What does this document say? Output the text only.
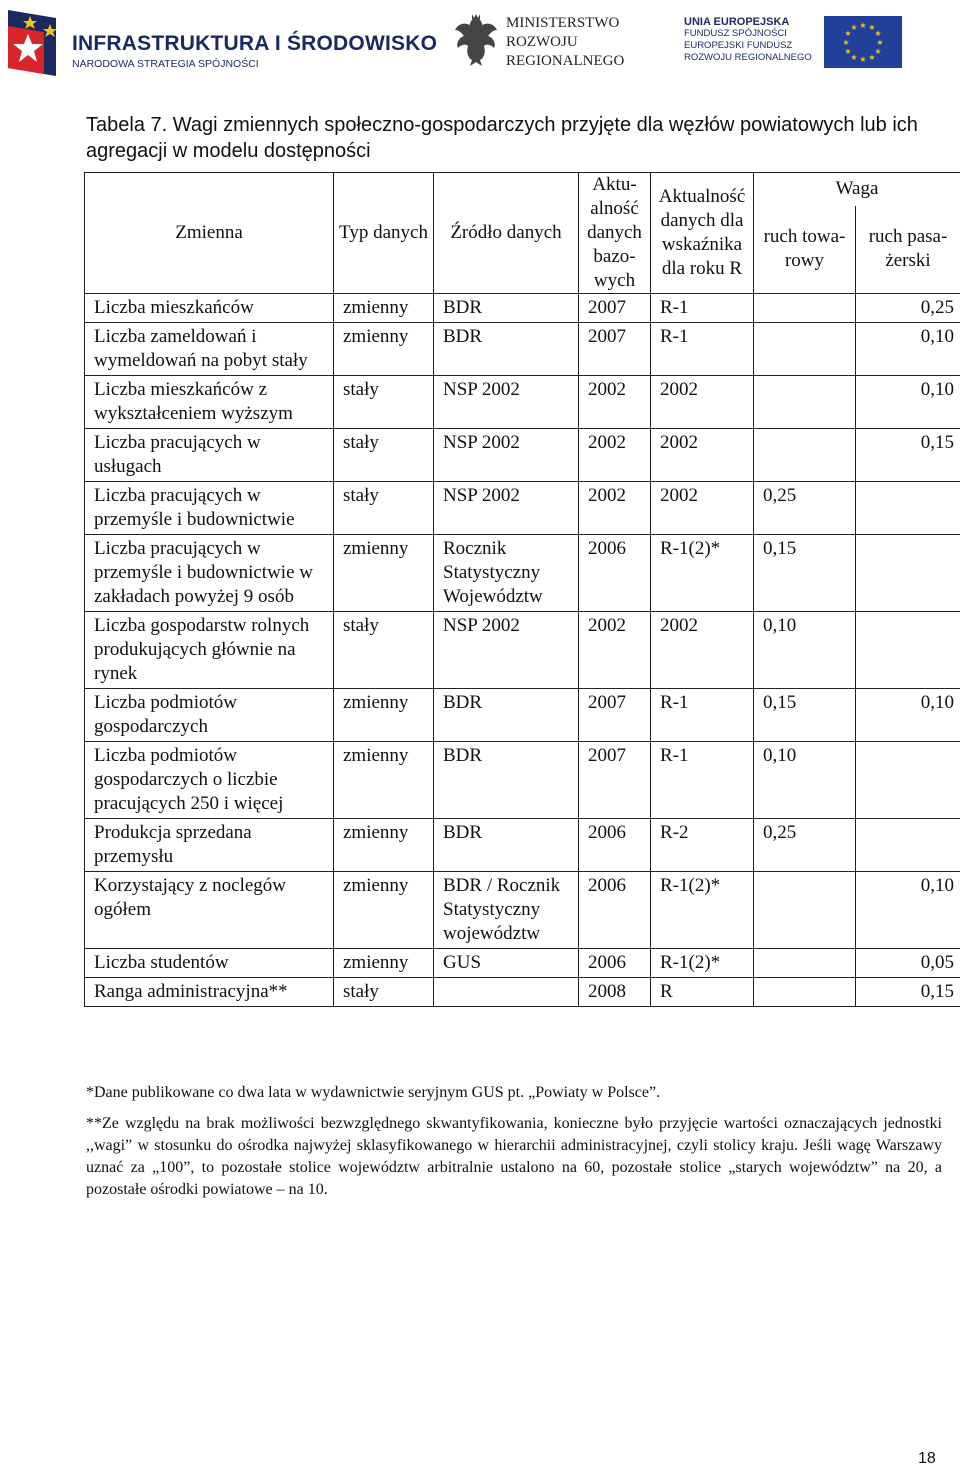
INFRASTRUKTURA I ŚRODOWISKO
NARODOWA STRATEGIA SPÓJNOŚCI
MINISTERSTWO
ROZWOJU
REGIONALNEGO
UNIA EUROPEJSKA
FUNDUSZ SPÓJNOŚCI
EUROPEJSKI FUNDUSZ
ROZWOJU REGIONALNEGO
★ ★
★
★
★
★
★
★
★
★
★
★
Tabela 7. Wagi zmiennych społeczno-gospodarczych przyjęte dla węzłów powiatowych lub ich agregacji w modelu dostępności
Zmienna	Typ danych	Źródło danych	Aktu-alność danych bazo-wych	Aktualność danych dla wskaźnika dla roku R	Waga	
					ruch towa-rowy	ruch pasa-żerski
Liczba mieszkańców	zmienny	BDR	2007	R-1		0,25
Liczba zameldowań i wymeldowań na pobyt stały	zmienny	BDR	2007	R-1		0,10
Liczba mieszkańców z wykształceniem wyższym	stały	NSP 2002	2002	2002		0,10
Liczba pracujących w usługach	stały	NSP 2002	2002	2002		0,15
Liczba pracujących w przemyśle i budownictwie	stały	NSP 2002	2002	2002	0,25	
Liczba pracujących w przemyśle i budownictwie w zakładach powyżej 9 osób	zmienny	Rocznik Statystyczny Województw	2006	R-1(2)*	0,15	
Liczba gospodarstw rolnych produkujących głównie na rynek	stały	NSP 2002	2002	2002	0,10	
Liczba podmiotów gospodarczych	zmienny	BDR	2007	R-1	0,15	0,10
Liczba podmiotów gospodarczych o liczbie pracujących 250 i więcej	zmienny	BDR	2007	R-1	0,10	
Produkcja sprzedana przemysłu	zmienny	BDR	2006	R-2	0,25	
Korzystający z noclegów ogółem	zmienny	BDR / Rocznik Statystyczny województw	2006	R-1(2)*		0,10
Liczba studentów	zmienny	GUS	2006	R-1(2)*		0,05
Ranga administracyjna**	stały		2008	R		0,15
*Dane publikowane co dwa lata w wydawnictwie seryjnym GUS pt. „Powiaty w Polsce”.
**Ze względu na brak możliwości bezwzględnego skwantyfikowania, konieczne było przyjęcie wartości oznaczających jednostki ,,wagi” w stosunku do ośrodka najwyżej sklasyfikowanego w hierarchii administracyjnej, czyli stolicy kraju. Jeśli wagę Warszawy uznać za „100”, to pozostałe stolice województw arbitralnie ustalono na 60, pozostałe stolice „starych województw” na 20, a pozostałe ośrodki powiatowe – na 10.
18
